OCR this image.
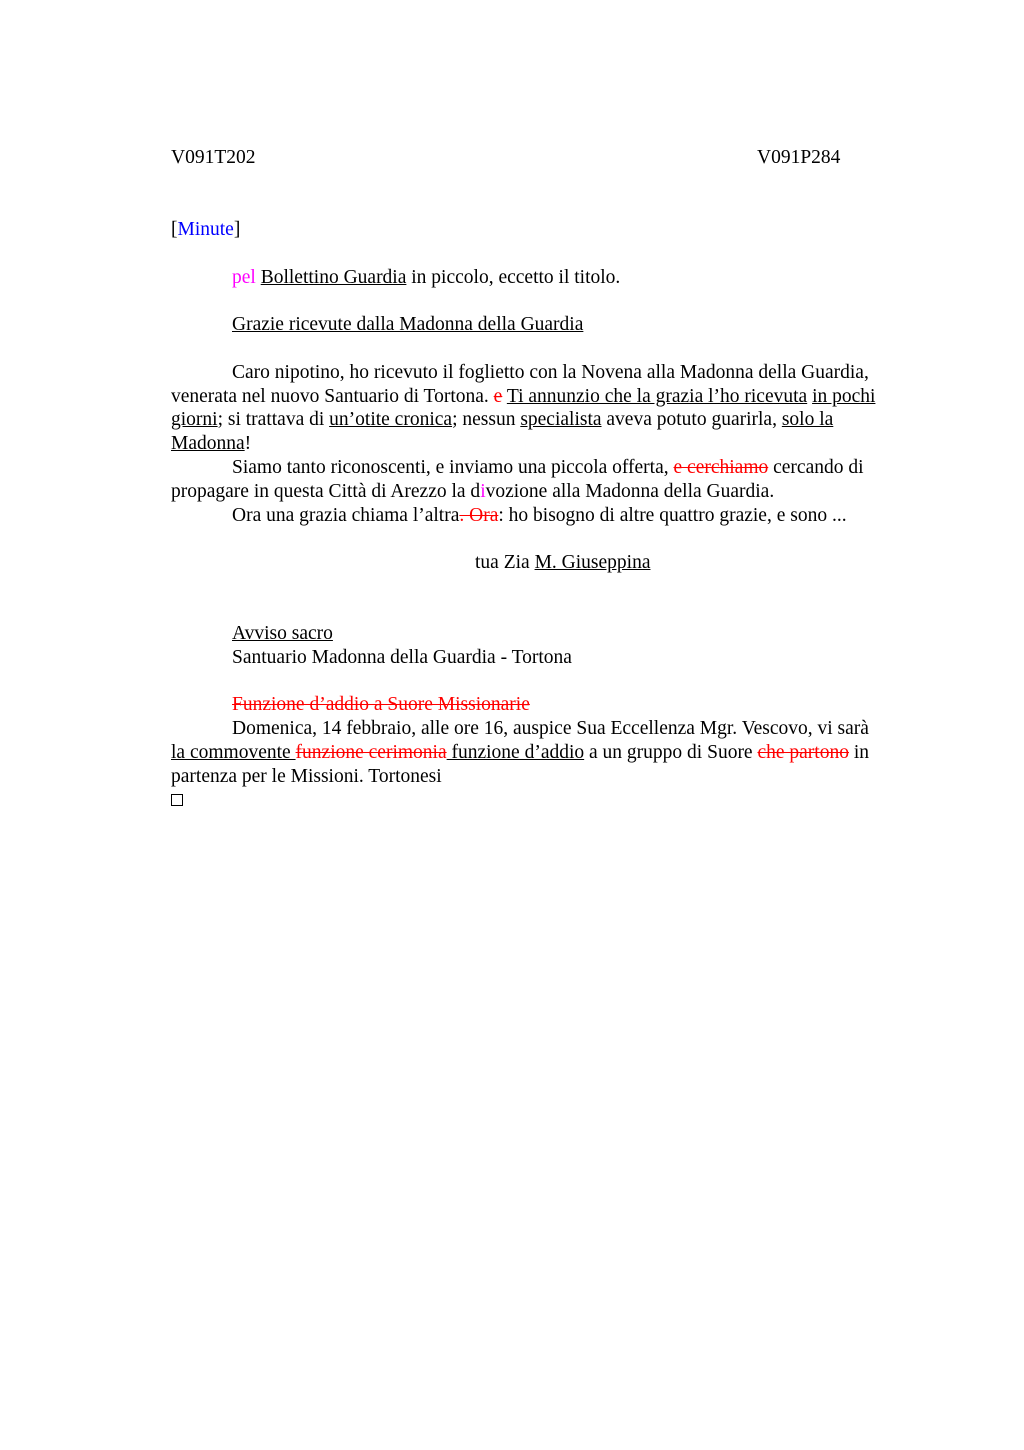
V091T202	V091P284
[Minute]
pel Bollettino Guardia in piccolo, eccetto il titolo.
Grazie ricevute dalla Madonna della Guardia
Caro nipotino, ho ricevuto il foglietto con la Novena alla Madonna della Guardia,
venerata nel nuovo Santuario di Tortona. e Ti annunzio che la grazia l’ho ricevuta in pochi
giorni; si trattava di un’otite cronica; nessun specialista aveva potuto guarirla, solo la
Madonna!
Siamo tanto riconoscenti, e inviamo una piccola offerta, e cerchiamo cercando di
propagare in questa Città di Arezzo la divozione alla Madonna della Guardia.
Ora una grazia chiama l’altra. Ora: ho bisogno di altre quattro grazie, e sono ...
tua Zia M. Giuseppina
Avviso sacro
Santuario Madonna della Guardia - Tortona
Funzione d’addio a Suore Missionarie
Domenica, 14 febbraio, alle ore 16, auspice Sua Eccellenza Mgr. Vescovo, vi sarà
la commovente funzione cerimonia funzione d’addio a un gruppo di Suore che partono in
partenza per le Missioni. Tortonesi
